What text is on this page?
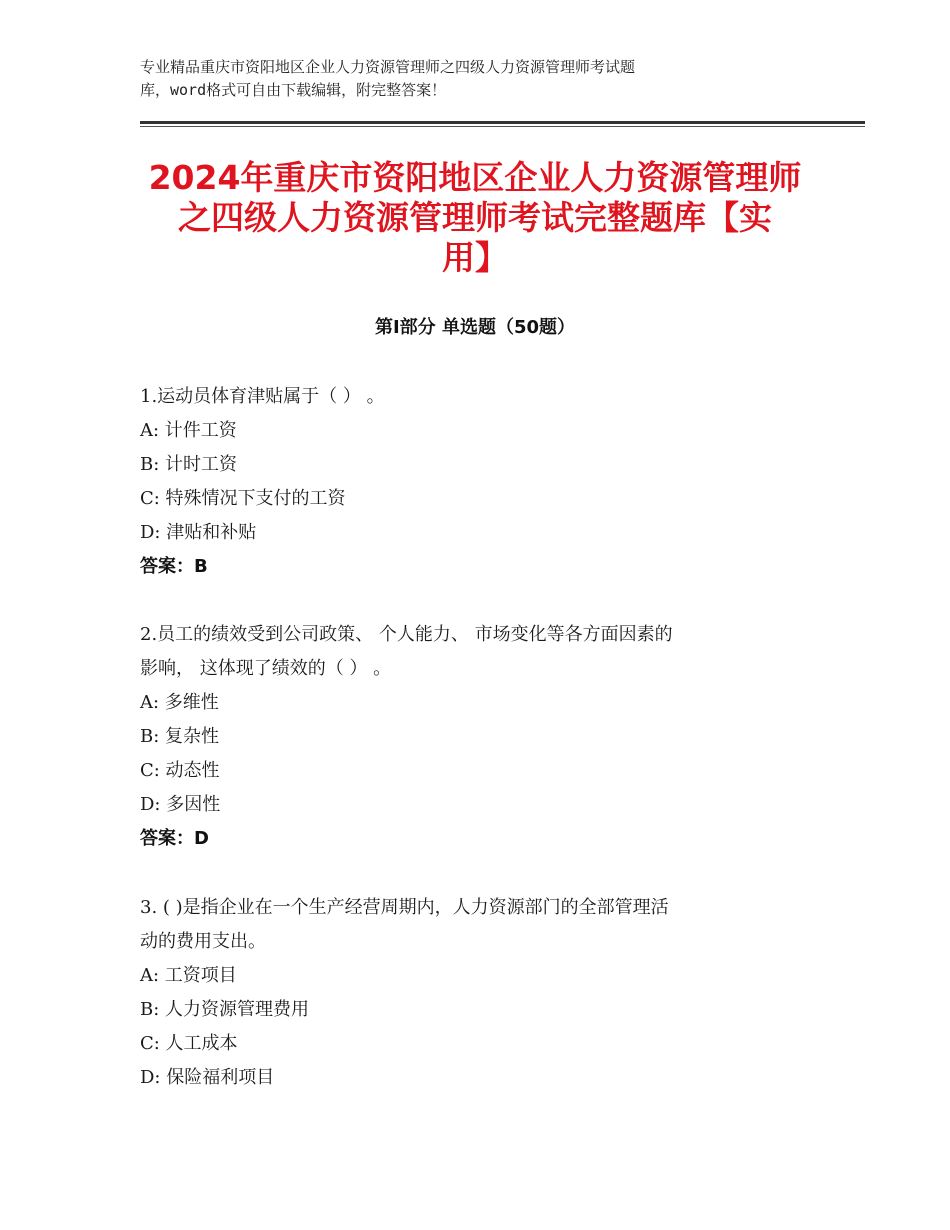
专业精品重庆市资阳地区企业人力资源管理师之四级人力资源管理师考试题
库，word格式可自由下载编辑，附完整答案！
2024年重庆市资阳地区企业人力资源管理师
之四级人力资源管理师考试完整题库【实
用】
第Ⅰ部分 单选题（50题）
1.运动员体育津贴属于（ ） 。
A: 计件工资
B: 计时工资
C: 特殊情况下支付的工资
D: 津贴和补贴
答案：B
2.员工的绩效受到公司政策、 个人能力、 市场变化等各方面因素的
影响， 这体现了绩效的（ ） 。
A: 多维性
B: 复杂性
C: 动态性
D: 多因性
答案：D
3. ( )是指企业在一个生产经营周期内，人力资源部门的全部管理活
动的费用支出。
A: 工资项目
B: 人力资源管理费用
C: 人工成本
D: 保险福利项目
